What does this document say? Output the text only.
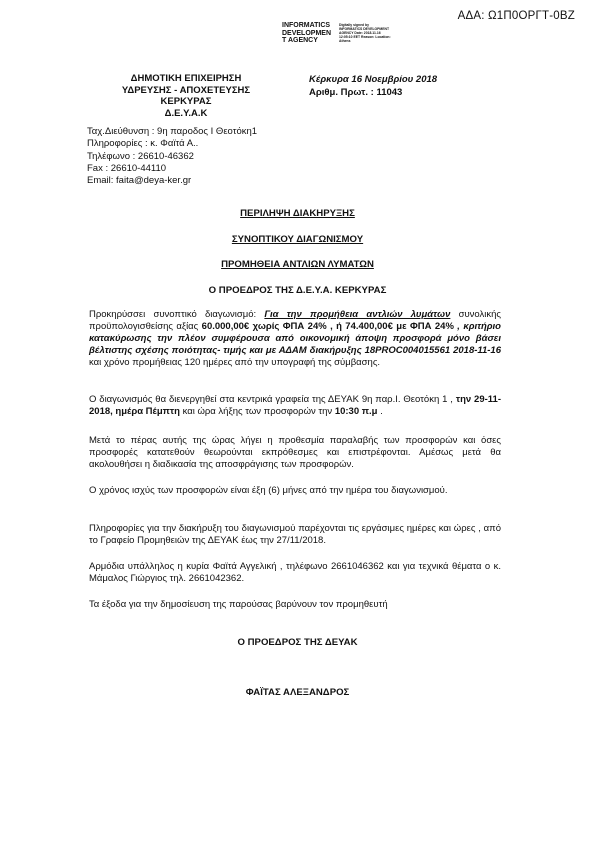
ΑΔΑ: Ω1Π0ΟΡΓΤ-0ΒΖ
INFORMATICS
DEVELOPMEN
T AGENCY
Digitally signed by INFORMATICS DEVELOPMENT AGENCY Date: 2018.11.16 12:05:10 EET Reason: Location: Athens
ΔΗΜΟΤΙΚΗ ΕΠΙΧΕΙΡΗΣΗ
ΥΔΡΕΥΣΗΣ - ΑΠΟΧΕΤΕΥΣΗΣ
ΚΕΡΚΥΡΑΣ
Δ.Ε.Υ.Α.Κ
Κέρκυρα 16 Νοεμβρίου 2018
Αριθμ. Πρωτ. : 11043
Ταχ.Διεύθυνση : 9η παροδος Ι Θεοτόκη1
Πληροφορίες : κ. Φαϊτά Α..
Τηλέφωνο : 26610-46362
Fax : 26610-44110
Email: faita@deya-ker.gr
ΠΕΡΙΛΗΨΗ ΔΙΑΚΗΡΥΞΗΣ
ΣΥΝΟΠΤΙΚΟΥ ΔΙΑΓΩΝΙΣΜΟΥ
ΠΡΟΜΗΘΕΙΑ ΑΝΤΛΙΩΝ ΛΥΜΑΤΩΝ
Ο ΠΡΟΕΔΡΟΣ ΤΗΣ Δ.Ε.Υ.Α. ΚΕΡΚΥΡΑΣ
Προκηρύσσει συνοπτικό διαγωνισμό: Για την προμήθεια αντλιών λυμάτων συνολικής προϋπολογισθείσης αξίας 60.000,00€ χωρίς ΦΠΑ 24% , ή 74.400,00€ με ΦΠΑ 24% , κριτήριο κατακύρωσης την πλέον συμφέρουσα από οικονομική άποψη προσφορά μόνο βάσει βέλτιστης σχέσης ποιότητας- τιμής και με ΑΔΑΜ διακήρυξης 18PROC004015561 2018-11-16 και χρόνο προμήθειας 120 ημέρες από την υπογραφή της σύμβασης.
Ο διαγωνισμός θα διενεργηθεί στα κεντρικά γραφεία της ΔΕΥΑΚ 9η παρ.Ι. Θεοτόκη 1 , την 29-11-2018, ημέρα Πέμπτη και ώρα λήξης των προσφορών την 10:30 π.μ .
Μετά το πέρας αυτής της ώρας λήγει η προθεσμία παραλαβής των προσφορών και όσες προσφορές κατατεθούν θεωρούνται εκπρόθεσμες και επιστρέφονται. Αμέσως μετά θα ακολουθήσει η διαδικασία της αποσφράγισης των προσφορών.
Ο χρόνος ισχύς των προσφορών είναι έξη (6) μήνες από την ημέρα του διαγωνισμού.
Πληροφορίες για την διακήρυξη του διαγωνισμού παρέχονται τις εργάσιμες ημέρες και ώρες , από το Γραφείο Προμηθειών της ΔΕΥΑΚ έως την 27/11/2018.
Αρμόδια υπάλληλος η κυρία Φαϊτά Αγγελική , τηλέφωνο 2661046362 και για τεχνικά θέματα ο κ. Μάμαλος Γιώργιος τηλ. 2661042362.
Τα έξοδα για την δημοσίευση της παρούσας βαρύνουν τον προμηθευτή
Ο ΠΡΟΕΔΡΟΣ ΤΗΣ ΔΕΥΑΚ
ΦΑΪΤΑΣ ΑΛΕΞΑΝΔΡΟΣ
